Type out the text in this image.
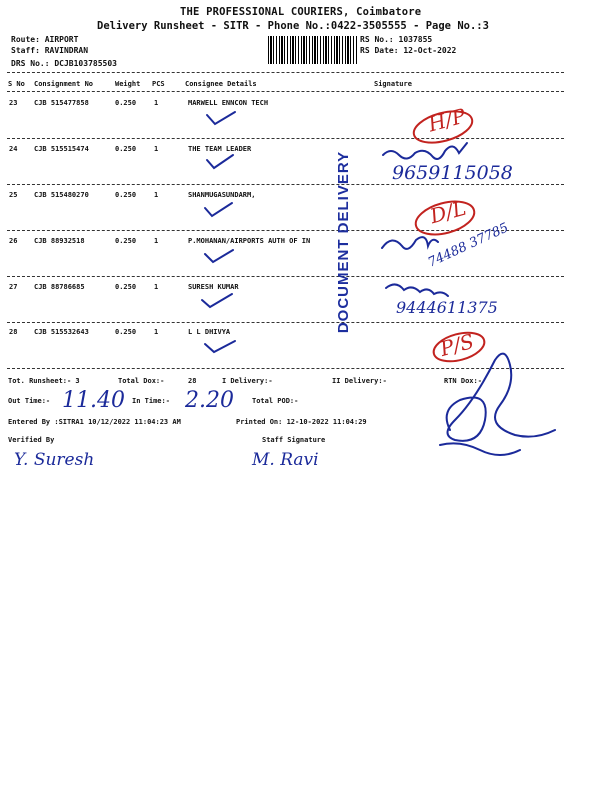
THE PROFESSIONAL COURIERS, Coimbatore
Delivery Runsheet - SITR - Phone No.:0422-3505555 - Page No.:3
Route: AIRPORT
Staff: RAVINDRAN
DRS No.: DCJB103785503
RS No.: 1037855
RS Date: 12-Oct-2022
S No Consignment No	Weight PCS	Consignee Details	Signature
23 CJB 515477858	0.250	1	MARWELL ENNCON TECH
24 CJB 515515474	0.250	1	THE TEAM LEADER
25 CJB 515480270	0.250	1	SHANMUGASUNDARM,
26 CJB 88932518	0.250	1	P.MOHANAN/AIRPORTS AUTH OF IN
27 CJB 88786685	0.250	1	SURESH KUMAR
28 CJB 515532643	0.250	1	L L DHIVYA
H/P
9659115058
D/L
74488 37785
9444611375
P/S
DOCUMENT DELIVERY
Tot. Runsheet:- 3	Total Dox:-	28	I Delivery:-	II Delivery:-	RTN Dox:-
Out Time:- 11.40 In Time:- 2.20	Total POD:-
Entered By :SITRA1 10/12/2022 11:04:23 AM	Printed On: 12-10-2022 11:04:29
Verified By	Staff Signature
Y. Suresh	M. Ravi
